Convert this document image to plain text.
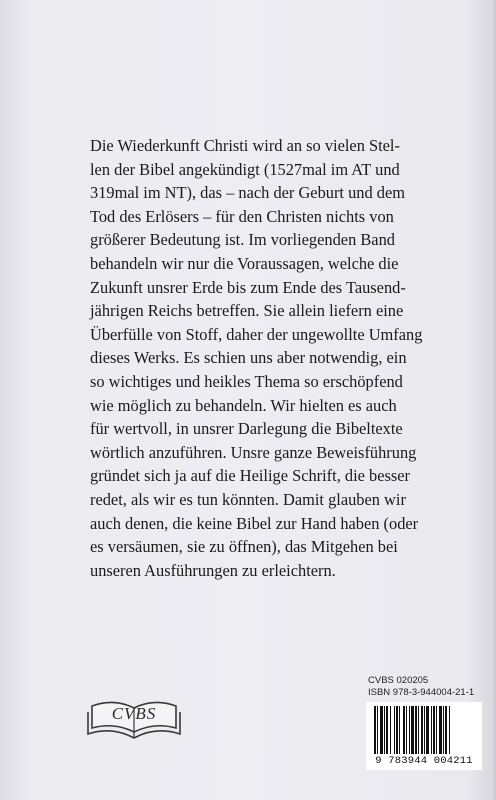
Die Wiederkunft Christi wird an so vielen Stel-
len der Bibel angekündigt (1527mal im AT und
319mal im NT), das – nach der Geburt und dem
Tod des Erlösers – für den Christen nichts von
größerer Bedeutung ist. Im vorliegenden Band
behandeln wir nur die Voraussagen, welche die
Zukunft unsrer Erde bis zum Ende des Tausend-
jährigen Reichs betreffen. Sie allein liefern eine
Überfülle von Stoff, daher der ungewollte Umfang
dieses Werks. Es schien uns aber notwendig, ein
so wichtiges und heikles Thema so erschöpfend
wie möglich zu behandeln. Wir hielten es auch
für wertvoll, in unsrer Darlegung die Bibeltexte
wörtlich anzuführen. Unsre ganze Beweisführung
gründet sich ja auf die Heilige Schrift, die besser
redet, als wir es tun könnten. Damit glauben wir
auch denen, die keine Bibel zur Hand haben (oder
es versäumen, sie zu öffnen), das Mitgehen bei
unseren Ausführungen zu erleichtern.
CVBS 020205
ISBN 978-3-944004-21-1
CVBS
9 783944 004211
